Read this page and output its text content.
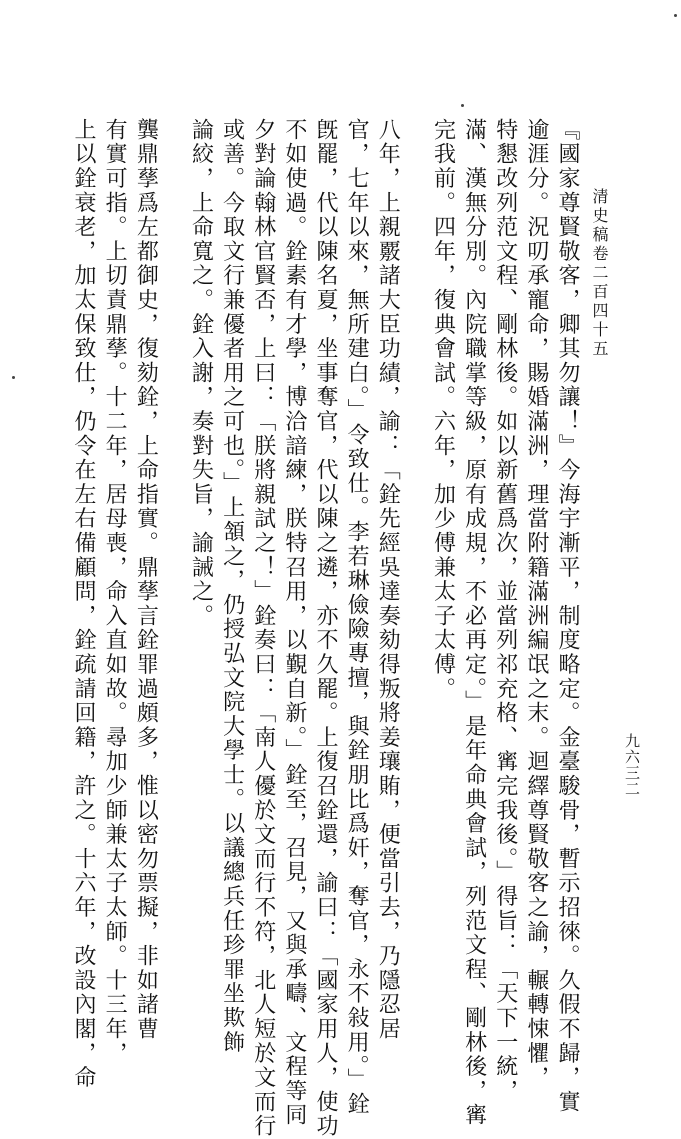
清史稿卷二百四十五
九六三二
『國家尊賢敬客，卿其勿讓！』今海宇漸平，制度略定。金臺駿骨，暫示招徠。久假不歸，實
逾涯分。況叨承寵命，賜婚滿洲，理當附籍滿洲編氓之末。迴繹尊賢敬客之諭，輾轉悚懼，
特懇改列范文程、剛林後。如以新舊爲次，並當列祁充格、寗完我後。」得旨：「天下一統，
滿、漢無分別。內院職掌等級，原有成規，不必再定。」是年命典會試，列范文程、剛林後，寗
完我前。四年，復典會試。六年，加少傅兼太子太傅。
八年，上親覈諸大臣功績，諭：「銓先經吳達奏劾得叛將姜瓖賄，便當引去，乃隱忍居
官，七年以來，無所建白。」令致仕。李若琳儉險專擅，與銓朋比爲奸，奪官，永不敍用。」銓
旣罷，代以陳名夏，坐事奪官，代以陳之遴，亦不久罷。上復召銓還，諭曰：「國家用人，使功
不如使過。銓素有才學，博洽諳練，朕特召用，以覲自新。」銓至，召見，又與承疇、文程等同
夕對論翰林官賢否，上曰：「朕將親試之！」銓奏曰：「南人優於文而行不符，北人短於文而行
或善。今取文行兼優者用之可也。」上頷之，仍授弘文院大學士。以議總兵任珍罪坐欺飾
論絞，上命寬之。銓入謝，奏對失旨，諭誡之。
龔鼎孶爲左都御史，復劾銓，上命指實。鼎孶言銓罪過頗多，惟以密勿票擬，非如諸曹
有實可指。上切責鼎孶。十二年，居母喪，命入直如故。尋加少師兼太子太師。十三年，
上以銓衰老，加太保致仕，仍令在左右備顧問，銓疏請回籍，許之。十六年，改設內閣，命
